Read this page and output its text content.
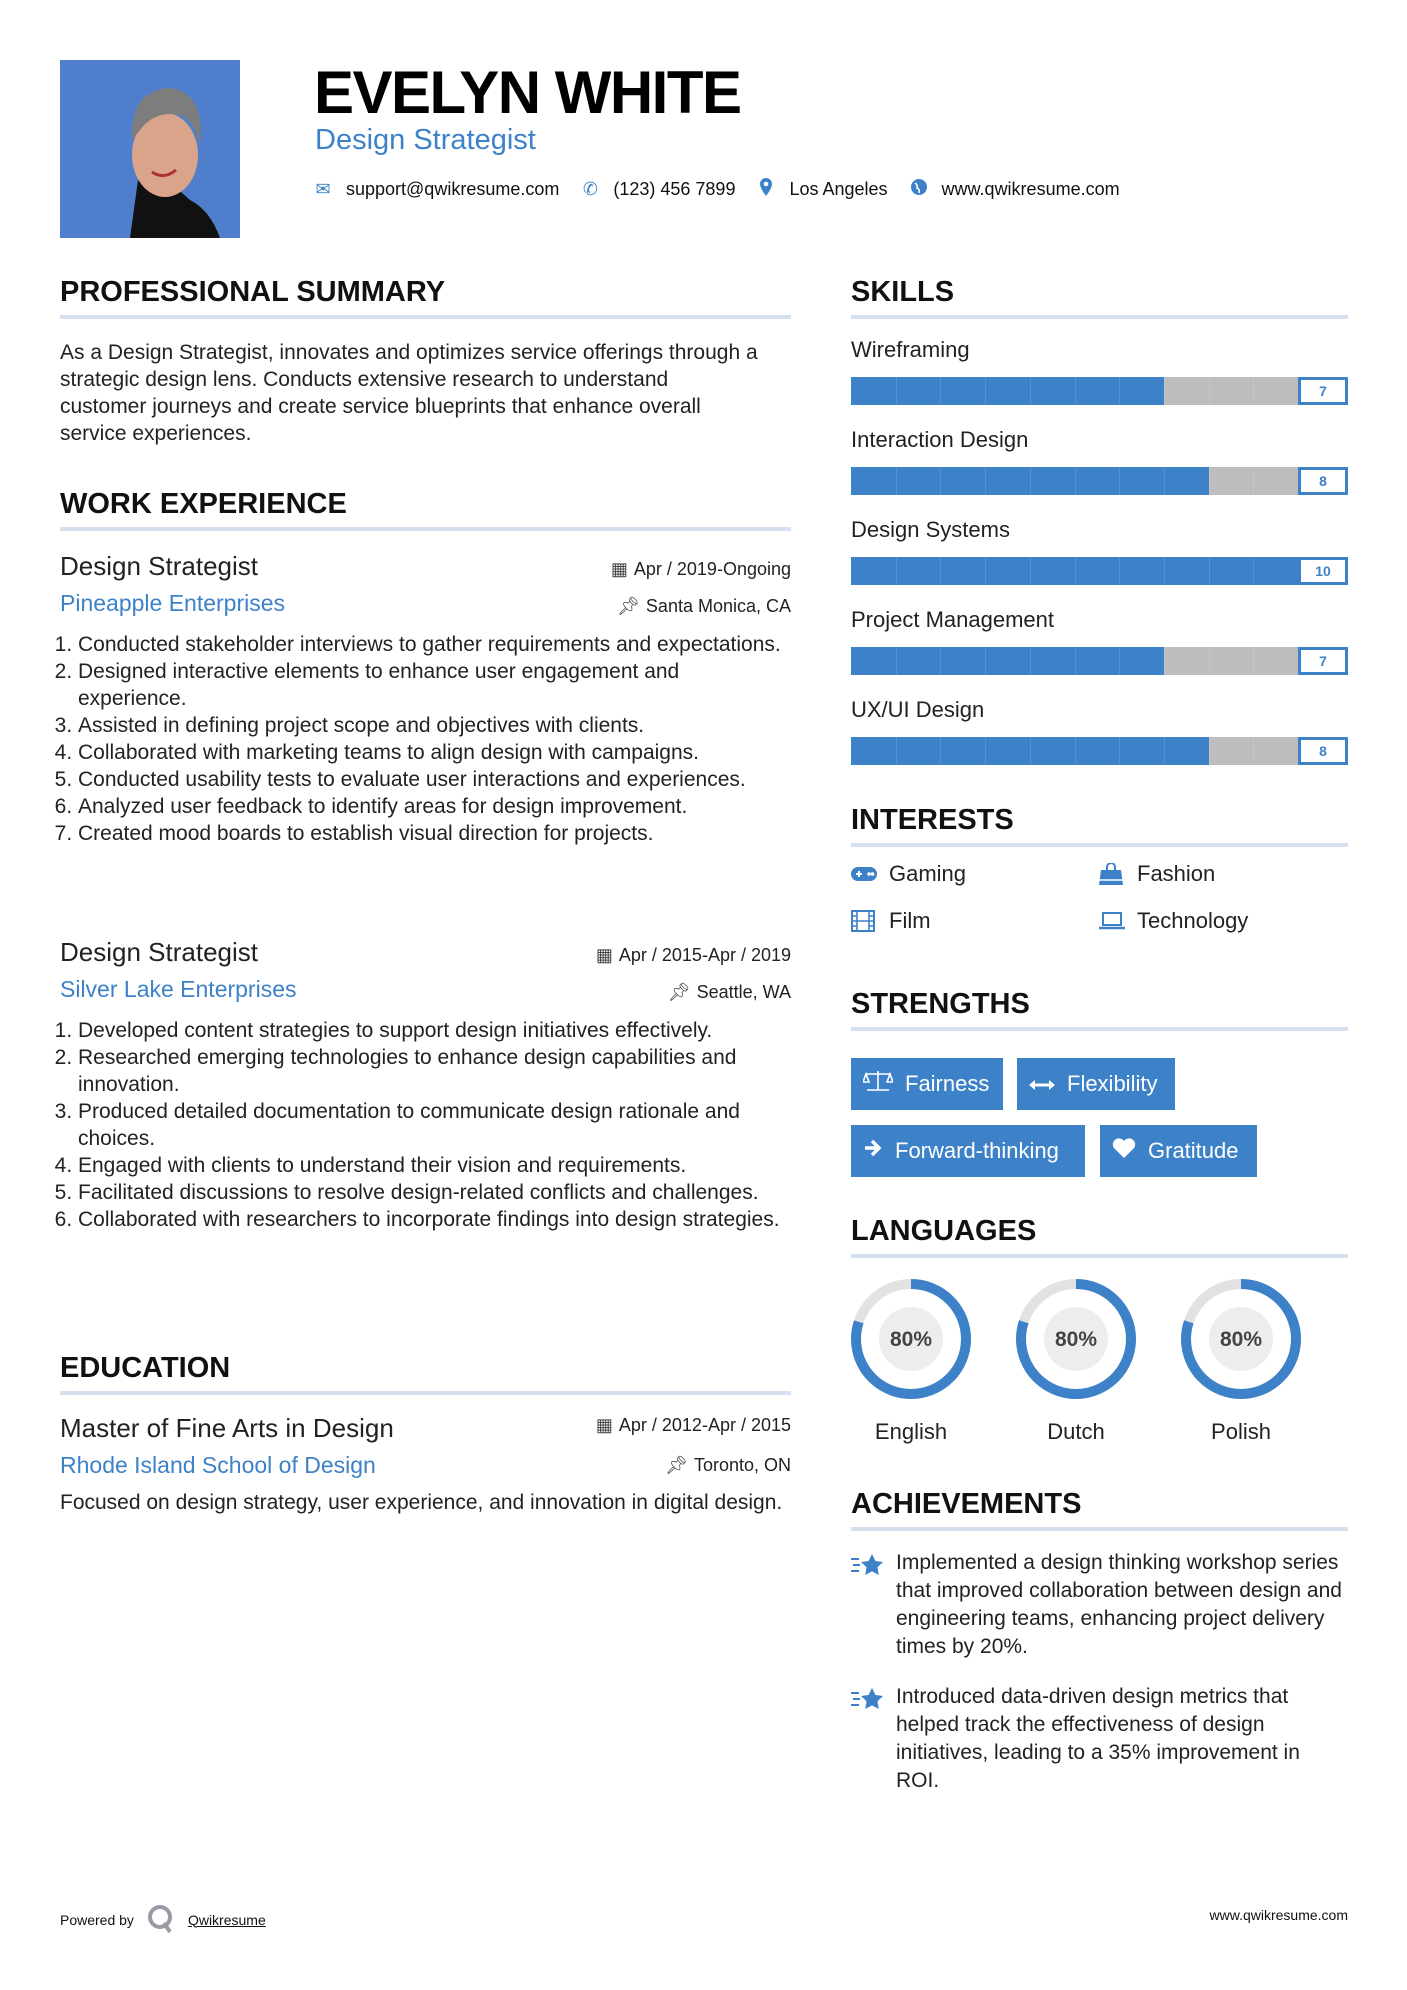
EVELYN WHITE
Design Strategist
✉ support@qwikresume.com ✆ (123) 456 7899	Los Angeles	www.qwikresume.com
PROFESSIONAL SUMMARY
As a Design Strategist, innovates and optimizes service offerings through a strategic design lens. Conducts extensive research to understand customer journeys and create service blueprints that enhance overall service experiences.
WORK EXPERIENCE
Design Strategist	▦ Apr / 2019-Ongoing
Pineapple Enterprises	📌︎ Santa Monica, CA
1. Conducted stakeholder interviews to gather requirements and expectations.
2. Designed interactive elements to enhance user engagement and experience.
3. Assisted in defining project scope and objectives with clients.
4. Collaborated with marketing teams to align design with campaigns.
5. Conducted usability tests to evaluate user interactions and experiences.
6. Analyzed user feedback to identify areas for design improvement.
7. Created mood boards to establish visual direction for projects.
Design Strategist	▦ Apr / 2015-Apr / 2019
Silver Lake Enterprises	📌︎ Seattle, WA
1. Developed content strategies to support design initiatives effectively.
2. Researched emerging technologies to enhance design capabilities and innovation.
3. Produced detailed documentation to communicate design rationale and choices.
4. Engaged with clients to understand their vision and requirements.
5. Facilitated discussions to resolve design-related conflicts and challenges.
6. Collaborated with researchers to incorporate findings into design strategies.
EDUCATION
Master of Fine Arts in Design	▦ Apr / 2012-Apr / 2015
Rhode Island School of Design	📌︎ Toronto, ON
Focused on design strategy, user experience, and innovation in digital design.
SKILLS
Wireframing
7
Interaction Design
8
Design Systems
10
Project Management
7
UX/UI Design
8
INTERESTS
Gaming	Fashion
Film	Technology
STRENGTHS
Fairness	Flexibility
Forward-thinking	Gratitude
LANGUAGES
80%
English
80%
Dutch
80%
Polish
ACHIEVEMENTS
Implemented a design thinking workshop series that improved collaboration between design and engineering teams, enhancing project delivery times by 20%.
Introduced data-driven design metrics that helped track the effectiveness of design initiatives, leading to a 35% improvement in ROI.
Powered by	Qwikresume	www.qwikresume.com
